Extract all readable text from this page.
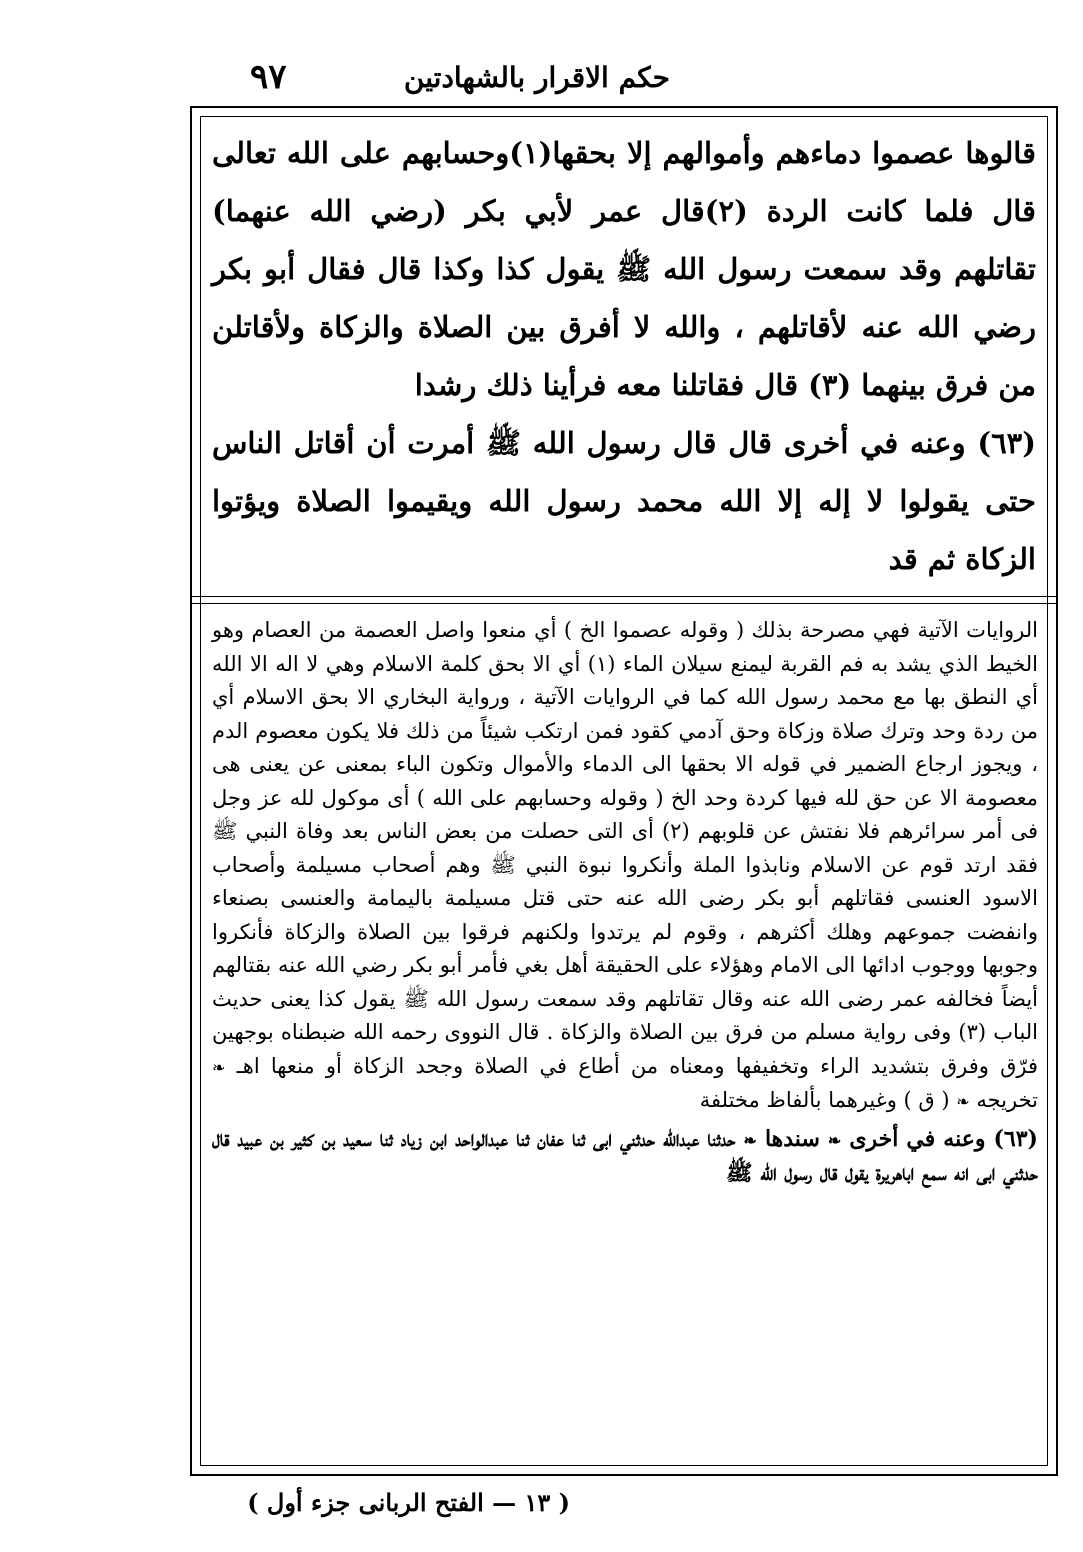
حكم الاقرار بالشهادتين
٩٧

قالوها عصموا دماءهم وأموالهم إلا بحقها(١)وحسابهم على الله تعالى قال فلما كانت الردة (٢)قال عمر لأبي بكر (رضي الله عنهما) تقاتلهم وقد سمعت رسول الله ﷺ يقول كذا وكذا قال فقال أبو بكر رضي الله عنه لأقاتلهم ، والله لا أفرق بين الصلاة والزكاة ولأقاتلن من فرق بينهما (٣) قال فقاتلنا معه فرأينا ذلك رشدا

(٦٣) وعنه في أخرى قال قال رسول الله ﷺ أمرت أن أقاتل الناس حتى يقولوا لا إله إلا الله محمد رسول الله ويقيموا الصلاة ويؤتوا الزكاة ثم قد

الروايات الآتية فهي مصرحة بذلك ( وقوله عصموا الخ ) أي منعوا واصل العصمة من العصام وهو الخيط الذي يشد به فم القربة ليمنع سيلان الماء (١) أي الا بحق كلمة الاسلام وهي لا اله الا الله أي النطق بها مع محمد رسول الله كما في الروايات الآتية ، ورواية البخاري الا بحق الاسلام أي من ردة وحد وترك صلاة وزكاة وحق آدمي كقود فمن ارتكب شيئاً من ذلك فلا يكون معصوم الدم ، ويجوز ارجاع الضمير في قوله الا بحقها الى الدماء والأموال وتكون الباء بمعنى عن يعنى هى معصومة الا عن حق لله فيها كردة وحد الخ ( وقوله وحسابهم على الله ) أى موكول لله عز وجل فى أمر سرائرهم فلا نفتش عن قلوبهم (٢) أى التى حصلت من بعض الناس بعد وفاة النبي ﷺ فقد ارتد قوم عن الاسلام ونابذوا الملة وأنكروا نبوة النبي ﷺ وهم أصحاب مسيلمة وأصحاب الاسود العنسى فقاتلهم أبو بكر رضى الله عنه حتى قتل مسيلمة باليمامة والعنسى بصنعاء وانفضت جموعهم وهلك أكثرهم ، وقوم لم يرتدوا ولكنهم فرقوا بين الصلاة والزكاة فأنكروا وجوبها ووجوب ادائها الى الامام وهؤلاء على الحقيقة أهل بغي فأمر أبو بكر رضي الله عنه بقتالهم أيضاً فخالفه عمر رضى الله عنه وقال تقاتلهم وقد سمعت رسول الله ﷺ يقول كذا يعنى حديث الباب (٣) وفى رواية مسلم من فرق بين الصلاة والزكاة . قال النووى رحمه الله ضبطناه بوجهين فرّق وفرق بتشديد الراء وتخفيفها ومعناه من أطاع في الصلاة وجحد الزكاة أو منعها اهـ ❧ تخريجه ❧ ( ق ) وغيرهما بألفاظ مختلفة

(٦٣) وعنه في أخرى ❧ سندها ❧ حدثنا عبدالله حدثني ابى ثنا عفان ثنا عبدالواحد ابن زياد ثنا سعيد بن كثير بن عبيد قال حدثني ابى انه سمع اباهريرة يقول قال رسول الله ﷺ

( ١٣ — الفتح الربانى جزء أول )
